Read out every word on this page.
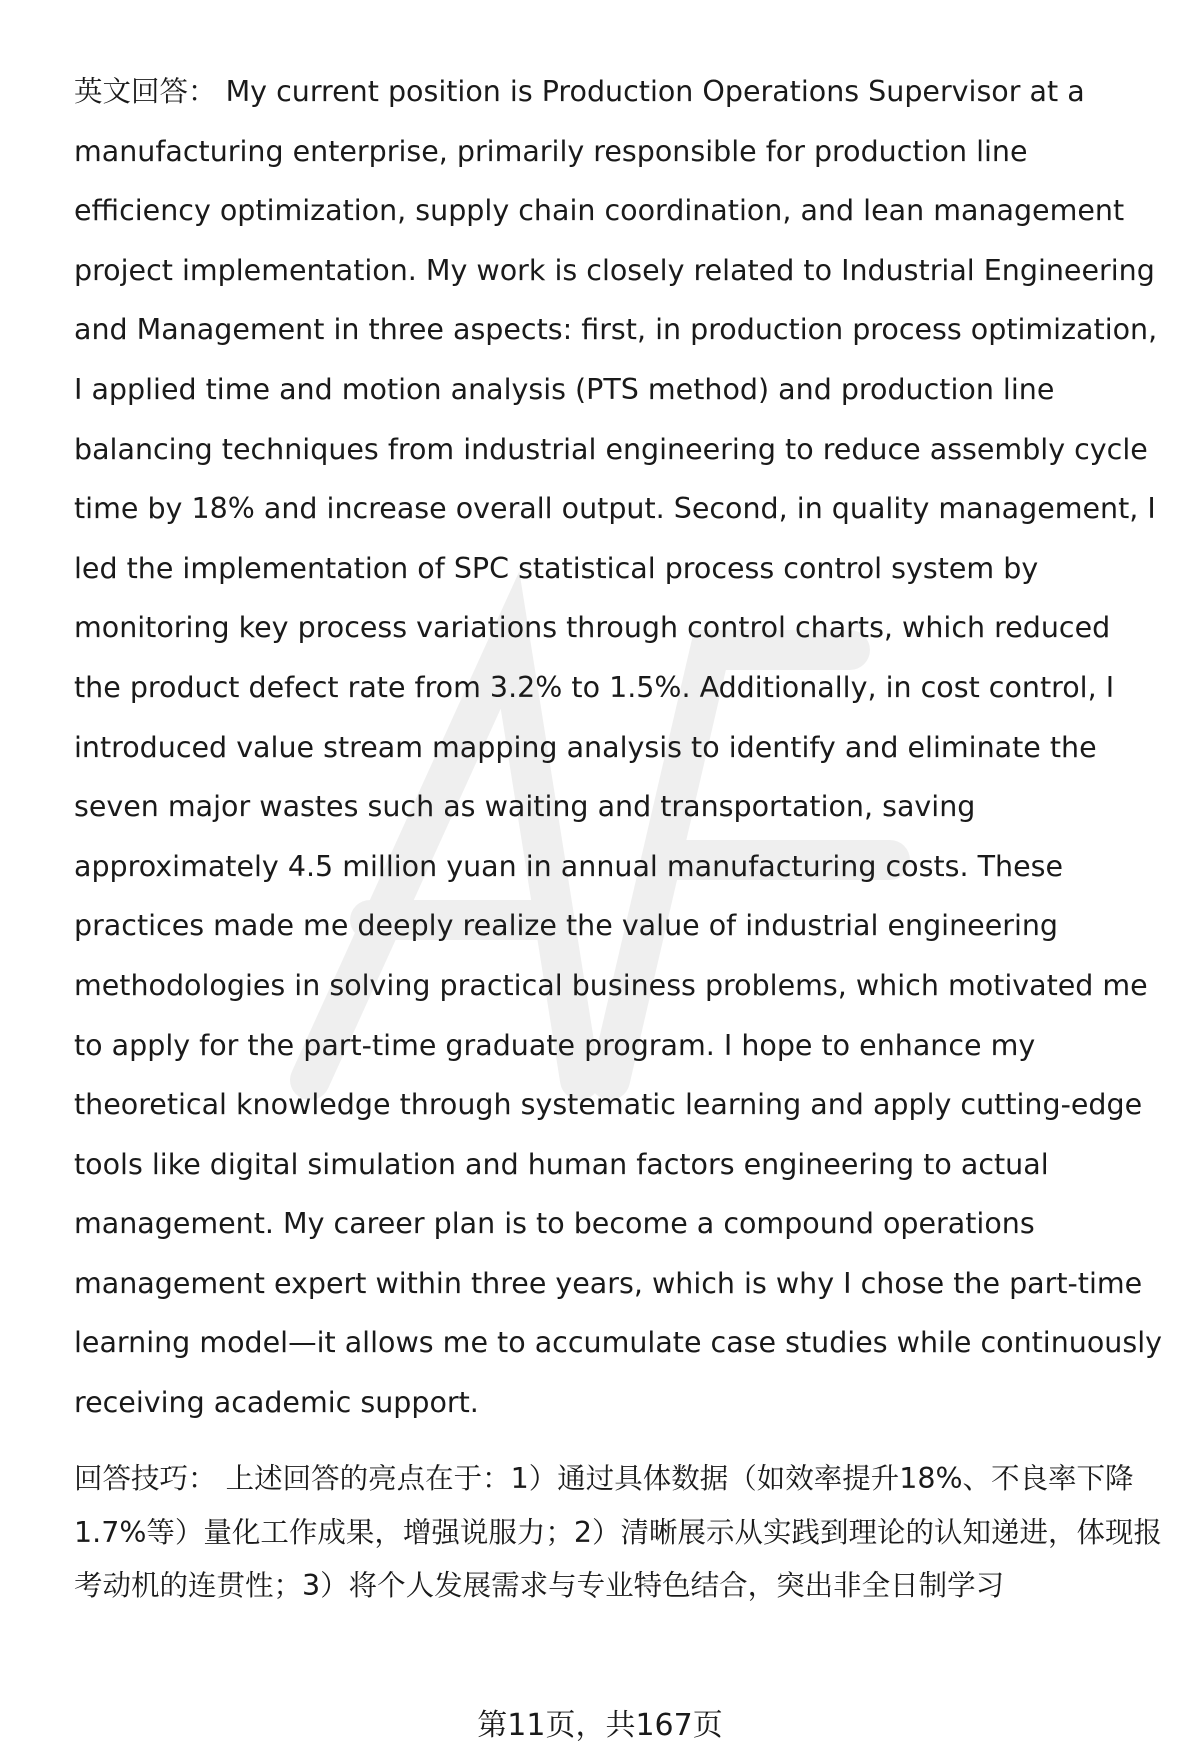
英文回答： My current position is Production Operations Supervisor at a manufacturing enterprise, primarily responsible for production line efficiency optimization, supply chain coordination, and lean management project implementation. My work is closely related to Industrial Engineering and Management in three aspects: first, in production process optimization, I applied time and motion analysis (PTS method) and production line balancing techniques from industrial engineering to reduce assembly cycle time by 18% and increase overall output. Second, in quality management, I led the implementation of SPC statistical process control system by monitoring key process variations through control charts, which reduced the product defect rate from 3.2% to 1.5%. Additionally, in cost control, I introduced value stream mapping analysis to identify and eliminate the seven major wastes such as waiting and transportation, saving approximately 4.5 million yuan in annual manufacturing costs. These practices made me deeply realize the value of industrial engineering methodologies in solving practical business problems, which motivated me to apply for the part-time graduate program. I hope to enhance my theoretical knowledge through systematic learning and apply cutting-edge tools like digital simulation and human factors engineering to actual management. My career plan is to become a compound operations management expert within three years, which is why I chose the part-time learning model—it allows me to accumulate case studies while continuously receiving academic support.
回答技巧： 上述回答的亮点在于：1）通过具体数据（如效率提升18%、不良率下降1.7%等）量化工作成果，增强说服力；2）清晰展示从实践到理论的认知递进，体现报考动机的连贯性；3）将个人发展需求与专业特色结合，突出非全日制学习
第11页，共167页
